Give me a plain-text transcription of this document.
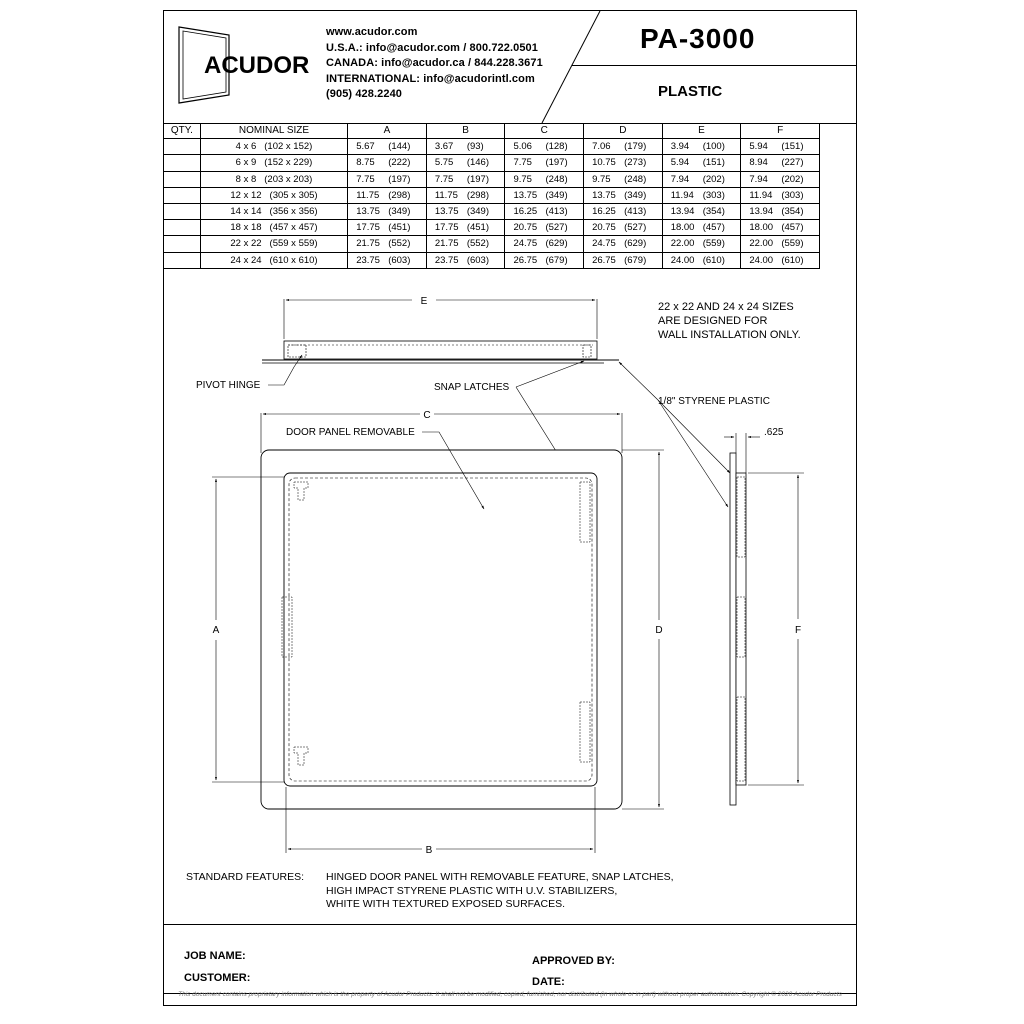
ACUDOR
www.acudor.com
U.S.A.: info@acudor.com / 800.722.0501
CANADA: info@acudor.ca / 844.228.3671
INTERNATIONAL: info@acudorintl.com
(905) 428.2240
PA-3000
PLASTIC
QTY.	NOMINAL SIZE	A	B	C	D	E	F
	4 x 6 (102 x 152)	5.67 (144)	3.67 (93)	5.06 (128)	7.06 (179)	3.94 (100)	5.94 (151)
	6 x 9 (152 x 229)	8.75 (222)	5.75 (146)	7.75 (197)	10.75 (273)	5.94 (151)	8.94 (227)
	8 x 8 (203 x 203)	7.75 (197)	7.75 (197)	9.75 (248)	9.75 (248)	7.94 (202)	7.94 (202)
	12 x 12 (305 x 305)	11.75 (298)	11.75 (298)	13.75 (349)	13.75 (349)	11.94 (303)	11.94 (303)
	14 x 14 (356 x 356)	13.75 (349)	13.75 (349)	16.25 (413)	16.25 (413)	13.94 (354)	13.94 (354)
	18 x 18 (457 x 457)	17.75 (451)	17.75 (451)	20.75 (527)	20.75 (527)	18.00 (457)	18.00 (457)
	22 x 22 (559 x 559)	21.75 (552)	21.75 (552)	24.75 (629)	24.75 (629)	22.00 (559)	22.00 (559)
	24 x 24 (610 x 610)	23.75 (603)	23.75 (603)	26.75 (679)	26.75 (679)	24.00 (610)	24.00 (610)
E	22 x 22 AND 24 x 24 SIZES
ARE DESIGNED FOR
WALL INSTALLATION ONLY.
PIVOT HINGE	SNAP LATCHES
1/8" STYRENE PLASTIC
C
DOOR PANEL REMOVABLE
A	D
B
.625
F
STANDARD FEATURES: HINGED DOOR PANEL WITH REMOVABLE FEATURE, SNAP LATCHES,
HIGH IMPACT STYRENE PLASTIC WITH U.V. STABILIZERS,
WHITE WITH TEXTURED EXPOSED SURFACES.
JOB NAME:
CUSTOMER:
APPROVED BY:
DATE:
This document contains proprietary information which is the property of Acudor Products. It shall not be modified, copied, furnished, nor distributed (in whole or in part) without proper authorization. Copyright © 2020 Acudor Products
